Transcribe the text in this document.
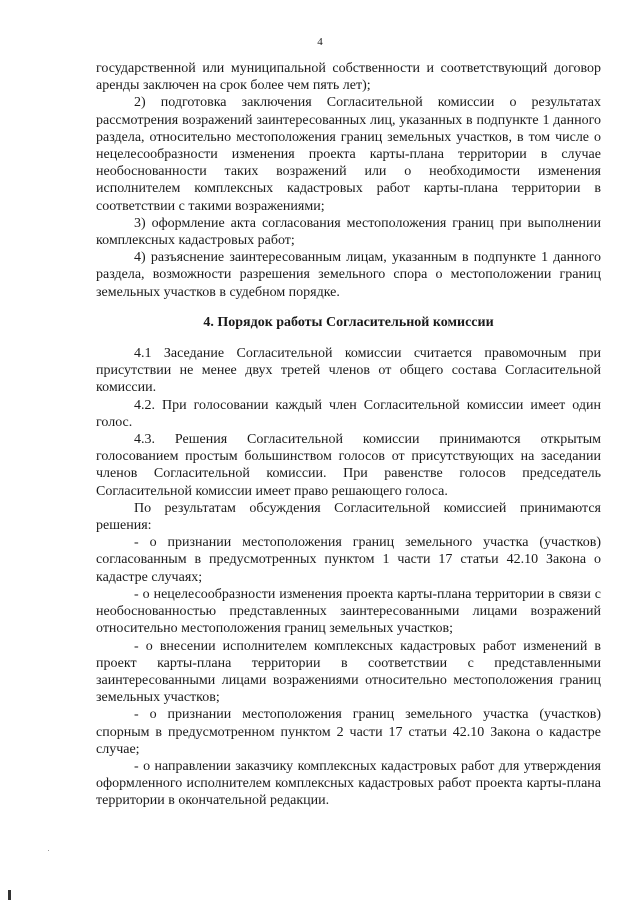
4

государственной или муниципальной собственности и соответствующий договор аренды заключен на срок более чем пять лет);

2) подготовка заключения Согласительной комиссии о результатах рассмотрения возражений заинтересованных лиц, указанных в подпункте 1 данного раздела, относительно местоположения границ земельных участков, в том числе о нецелесообразности изменения проекта карты-плана территории в случае необоснованности таких возражений или о необходимости изменения исполнителем комплексных кадастровых работ карты-плана территории в соответствии с такими возражениями;

3) оформление акта согласования местоположения границ при выполнении комплексных кадастровых работ;

4) разъяснение заинтересованным лицам, указанным в подпункте 1 данного раздела, возможности разрешения земельного спора о местоположении границ земельных участков в судебном порядке.

4. Порядок работы Согласительной комиссии

4.1 Заседание Согласительной комиссии считается правомочным при присутствии не менее двух третей членов от общего состава Согласительной комиссии.

4.2. При голосовании каждый член Согласительной комиссии имеет один голос.

4.3. Решения Согласительной комиссии принимаются открытым голосованием простым большинством голосов от присутствующих на заседании членов Согласительной комиссии. При равенстве голосов председатель Согласительной комиссии имеет право решающего голоса.

По результатам обсуждения Согласительной комиссией принимаются решения:

- о признании местоположения границ земельного участка (участков) согласованным в предусмотренных пунктом 1 части 17 статьи 42.10 Закона о кадастре случаях;

- о нецелесообразности изменения проекта карты-плана территории в связи с необоснованностью представленных заинтересованными лицами возражений относительно местоположения границ земельных участков;

- о внесении исполнителем комплексных кадастровых работ изменений в проект карты-плана территории в соответствии с представленными заинтересованными лицами возражениями относительно местоположения границ земельных участков;

- о признании местоположения границ земельного участка (участков) спорным в предусмотренном пунктом 2 части 17 статьи 42.10 Закона о кадастре случае;

- о направлении заказчику комплексных кадастровых работ для утверждения оформленного исполнителем комплексных кадастровых работ проекта карты-плана территории в окончательной редакции.
